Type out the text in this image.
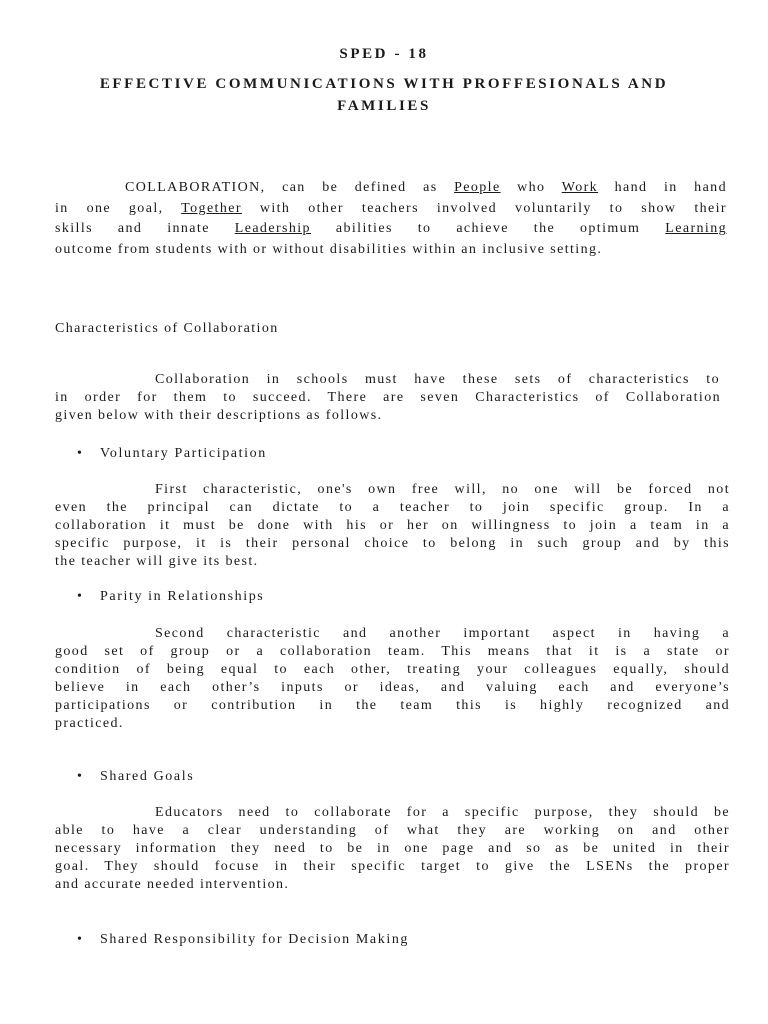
SPED - 18
EFFECTIVE COMMUNICATIONS WITH PROFFESIONALS AND
FAMILIES
COLLABORATION, can be defined as People who Work hand in hand
in one goal, Together with other teachers involved voluntarily to show their
skills and innate Leadership abilities to achieve the optimum Learning
outcome from students with or without disabilities within an inclusive setting.
Characteristics of Collaboration
Collaboration in schools must have these sets of characteristics to
in order for them to succeed. There are seven Characteristics of Collaboration
given below with their descriptions as follows.
• Voluntary Participation
First characteristic, one's own free will, no one will be forced not
even the principal can dictate to a teacher to join specific group. In a
collaboration it must be done with his or her on willingness to join a team in a
specific purpose, it is their personal choice to belong in such group and by this
the teacher will give its best.
• Parity in Relationships
Second characteristic and another important aspect in having a
good set of group or a collaboration team. This means that it is a state or
condition of being equal to each other, treating your colleagues equally, should
believe in each other’s inputs or ideas, and valuing each and everyone’s
participations or contribution in the team this is highly recognized and
practiced.
• Shared Goals
Educators need to collaborate for a specific purpose, they should be
able to have a clear understanding of what they are working on and other
necessary information they need to be in one page and so as be united in their
goal. They should focuse in their specific target to give the LSENs the proper
and accurate needed intervention.
• Shared Responsibility for Decision Making
